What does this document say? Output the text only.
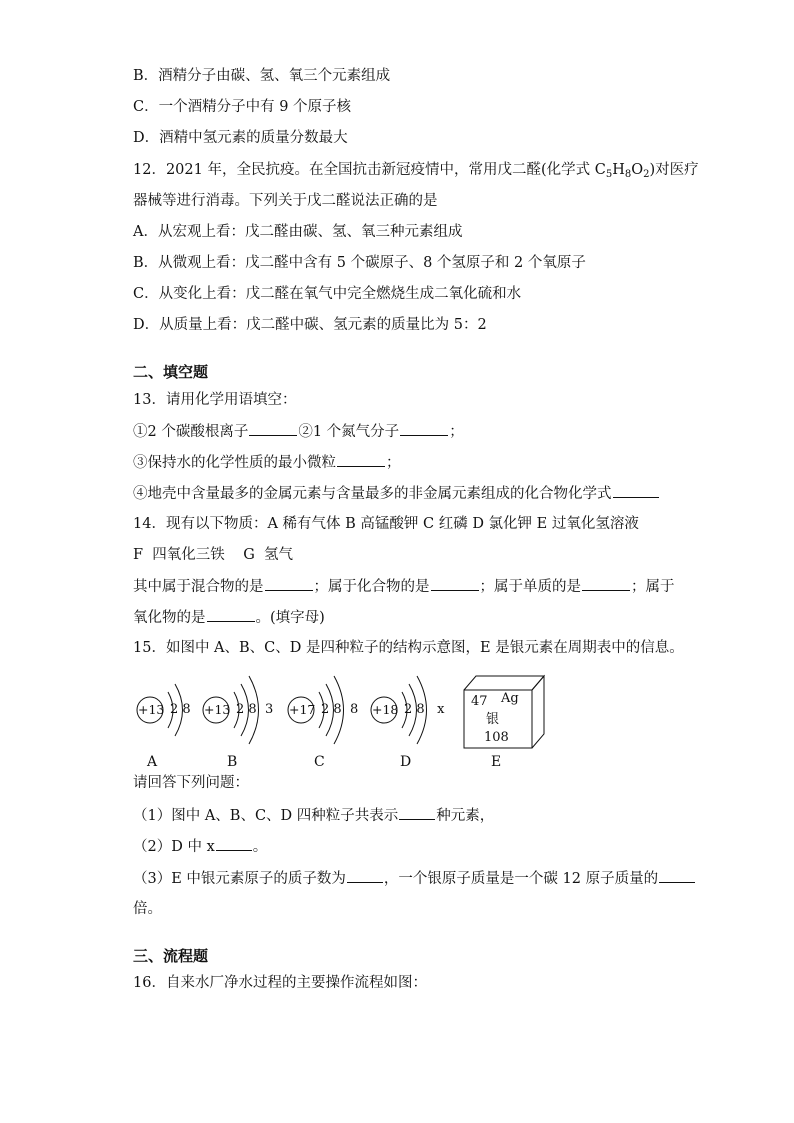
B．酒精分子由碳、氢、氧三个元素组成
C．一个酒精分子中有 9 个原子核
D．酒精中氢元素的质量分数最大
12．2021 年，全民抗疫。在全国抗击新冠疫情中，常用戊二醛(化学式 $C_5H_8O_2$)对医疗
器械等进行消毒。下列关于戊二醛说法正确的是
A．从宏观上看：戊二醛由碳、氢、氧三种元素组成
B．从微观上看：戊二醛中含有 5 个碳原子、8 个氢原子和 2 个氧原子
C．从变化上看：戊二醛在氧气中完全燃烧生成二氧化硫和水
D．从质量上看：戊二醛中碳、氢元素的质量比为 5：2
二、填空题
13．请用化学用语填空：
①2 个碳酸根离子	②1 个氮气分子	；
③保持水的化学性质的最小微粒	；
④地壳中含量最多的金属元素与含量最多的非金属元素组成的化合物化学式
14．现有以下物质：A 稀有气体 B 高锰酸钾 C 红磷 D 氯化钾 E 过氧化氢溶液
F  四氧化三铁    G  氢气
其中属于混合物的是	；属于化合物的是	；属于单质的是	；属于
氧化物的是	。(填字母)
15．如图中 A、B、C、D 是四种粒子的结构示意图，E 是银元素在周期表中的信息。
+13	+13	+17	+18
2 8	2 8  3	2 8  8	2 8   x
47 Ag
银
108
A	B	C	D	E
请回答下列问题：
（1）图中 A、B、C、D 四种粒子共表示	种元素，
（2）D 中 x	。
（3）E 中银元素原子的质子数为	，一个银原子质量是一个碳 12 原子质量的
倍。
三、流程题
16．自来水厂净水过程的主要操作流程如图：
